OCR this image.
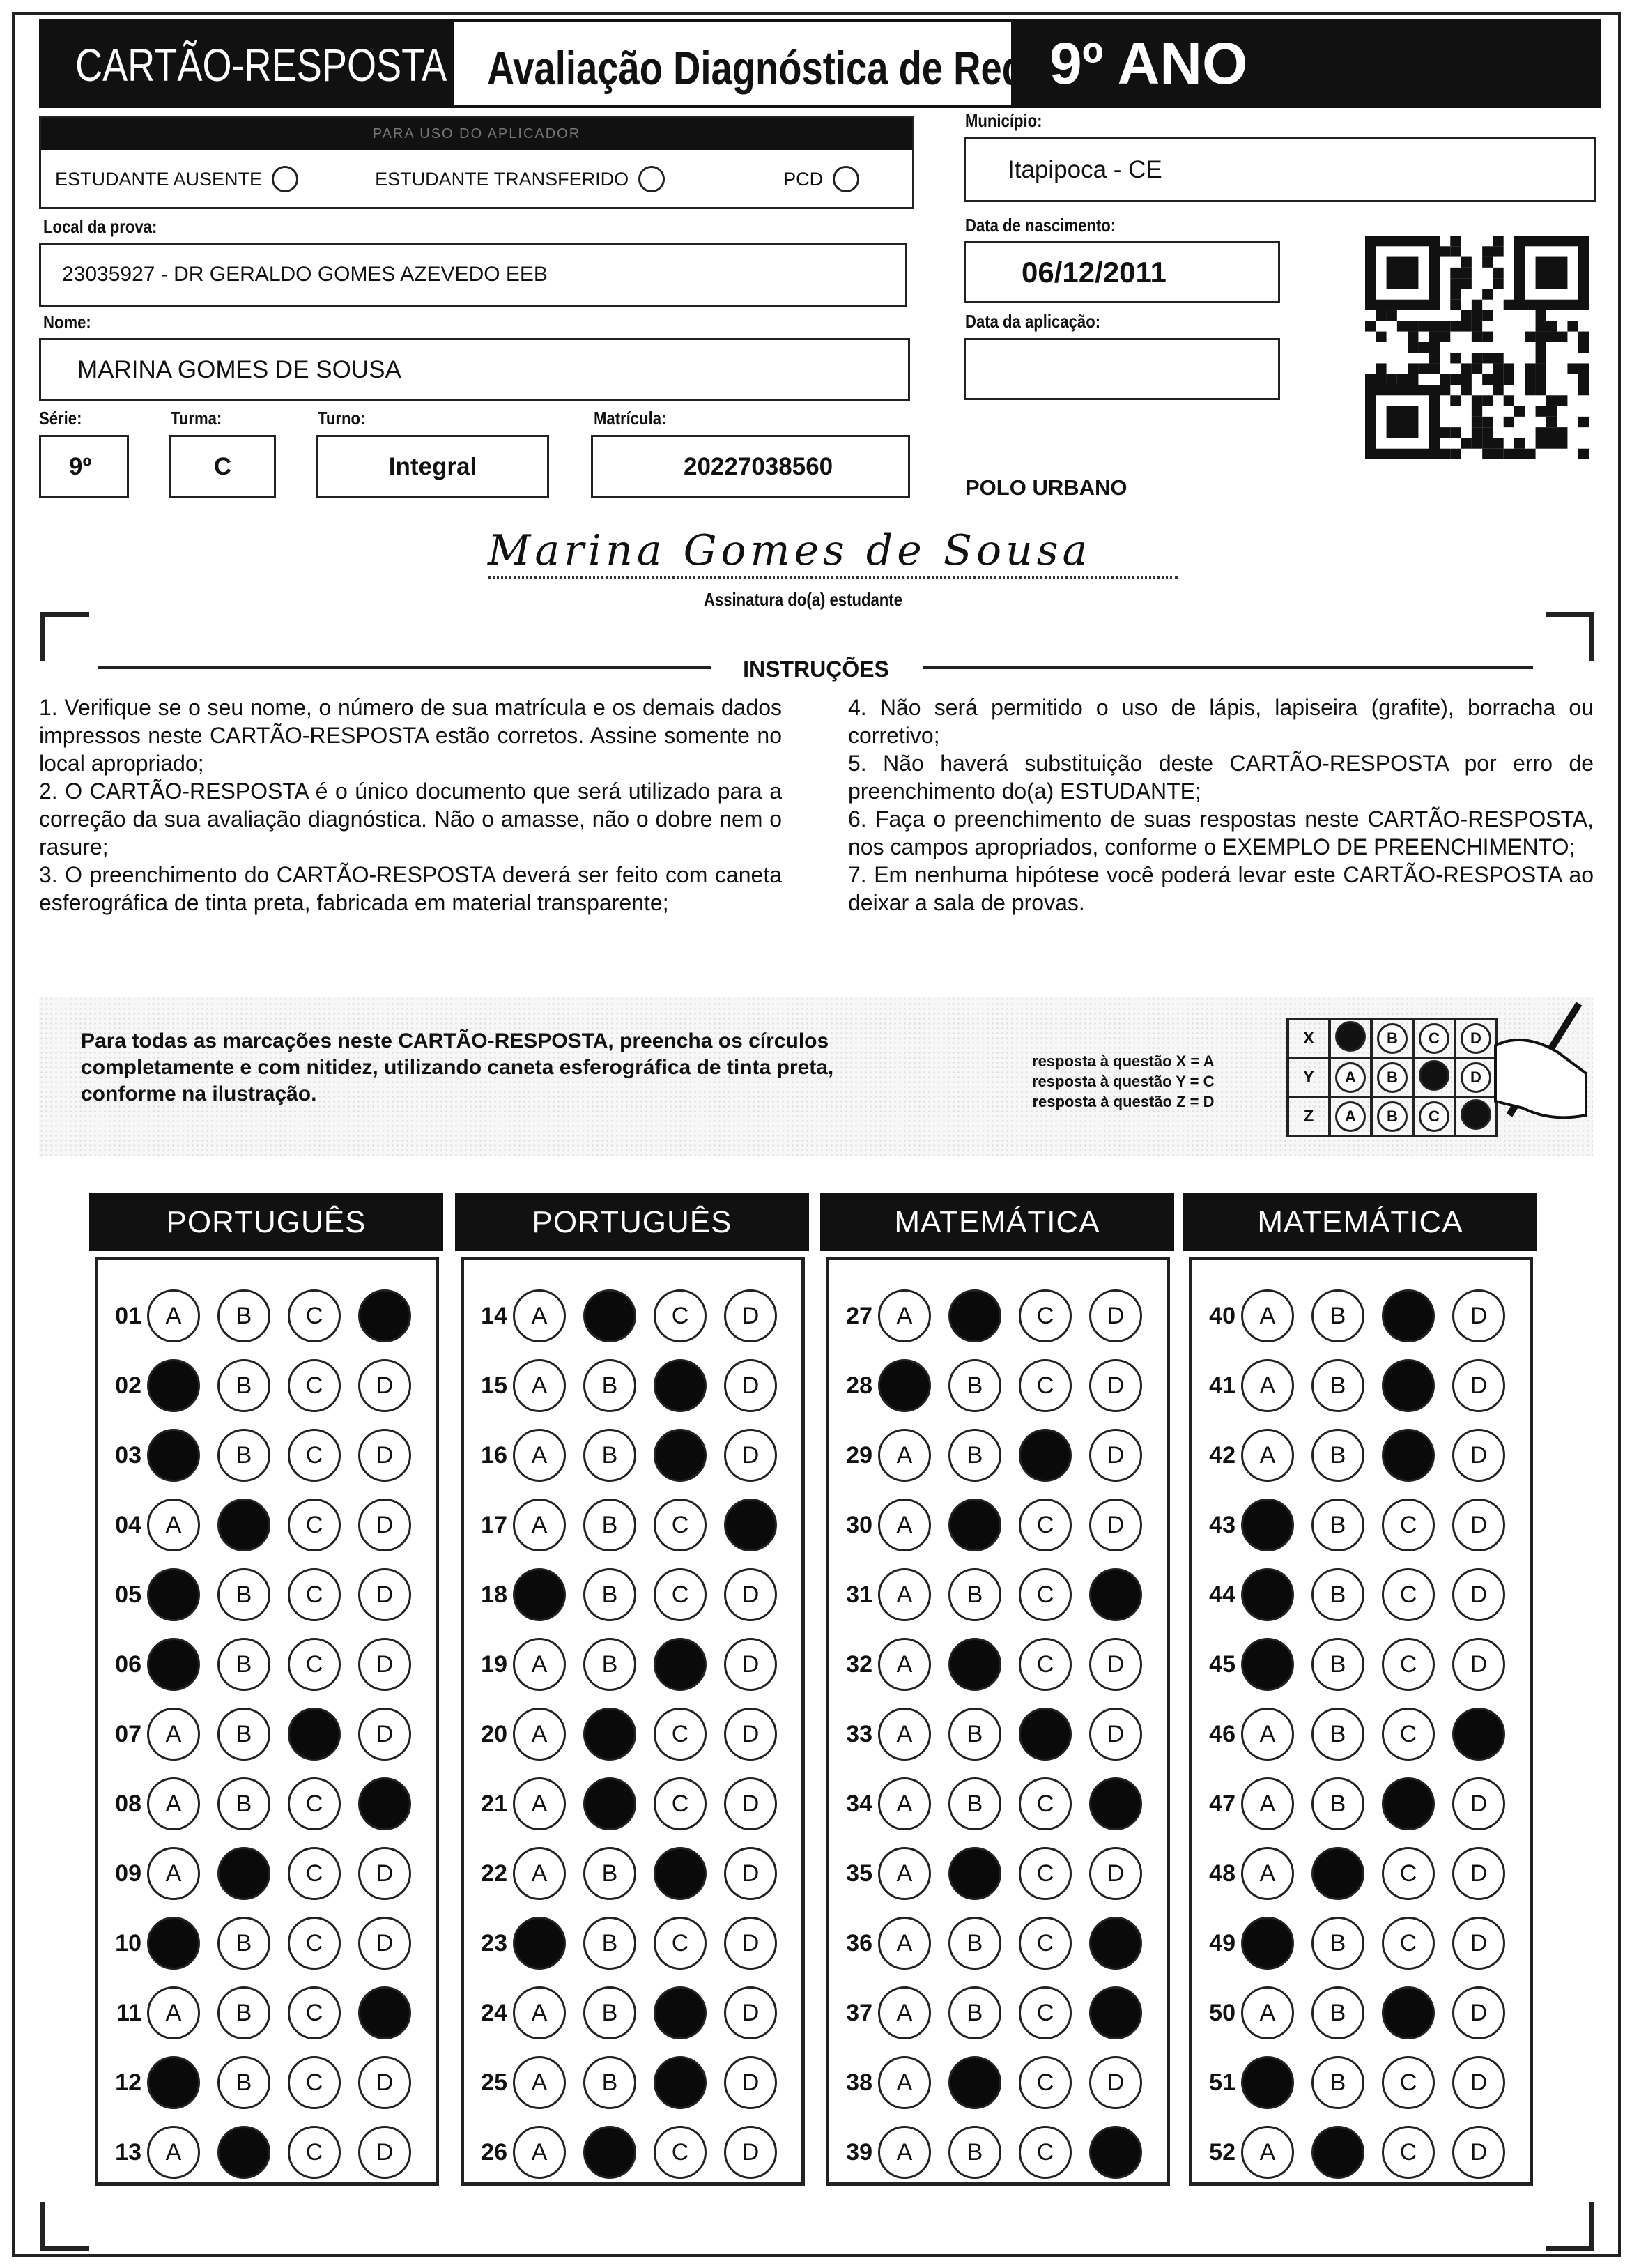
CARTÃO-RESPOSTA Avaliação Diagnóstica de Rede 9º ANO
PARA USO DO APLICADOR
ESTUDANTE AUSENTE	ESTUDANTE TRANSFERIDO	PCD
Município:
Itapipoca - CE
Local da prova:
23035927 - DR GERALDO GOMES AZEVEDO EEB
Data de nascimento:
06/12/2011
Nome:
MARINA GOMES DE SOUSA
Data da aplicação:
Série:
9º
Turma:
C
Turno:
Integral
Matrícula:
20227038560
POLO URBANO
Marina Gomes de Sousa
Assinatura do(a) estudante
INSTRUÇÕES

1. Verifique se o seu nome, o número de sua matrícula e os demais dados impressos neste CARTÃO-RESPOSTA estão corretos. Assine somente no local apropriado;

2. O CARTÃO-RESPOSTA é o único documento que será utilizado para a correção da sua avaliação diagnóstica. Não o amasse, não o dobre nem o rasure;

3. O preenchimento do CARTÃO-RESPOSTA deverá ser feito com caneta esferográfica de tinta preta, fabricada em material transparente;

4. Não será permitido o uso de lápis, lapiseira (grafite), borracha ou corretivo;

5. Não haverá substituição deste CARTÃO-RESPOSTA por erro de preenchimento do(a) ESTUDANTE;

6. Faça o preenchimento de suas respostas neste CARTÃO-RESPOSTA, nos campos apropriados, conforme o EXEMPLO DE PREENCHIMENTO;

7. Em nenhuma hipótese você poderá levar este CARTÃO-RESPOSTA ao deixar a sala de provas.

Para todas as marcações neste CARTÃO-RESPOSTA, preencha os círculos completamente e com nitidez, utilizando caneta esferográfica de tinta preta, conforme na ilustração.
resposta à questão X = A
resposta à questão Y = C
resposta à questão Z = D
X		B	C	D
Y	A	B		D
Z	A	B	C	
PORTUGUÊS
01	A	B	C	D
02	A	B	C	D
03	A	B	C	D
04	A	B	C	D
05	A	B	C	D
06	A	B	C	D
07	A	B	C	D
08	A	B	C	D
09	A	B	C	D
10	A	B	C	D
11	A	B	C	D
12	A	B	C	D
13	A	B	C	D
PORTUGUÊS
14	A	B	C	D
15	A	B	C	D
16	A	B	C	D
17	A	B	C	D
18	A	B	C	D
19	A	B	C	D
20	A	B	C	D
21	A	B	C	D
22	A	B	C	D
23	A	B	C	D
24	A	B	C	D
25	A	B	C	D
26	A	B	C	D
MATEMÁTICA
27	A	B	C	D
28	A	B	C	D
29	A	B	C	D
30	A	B	C	D
31	A	B	C	D
32	A	B	C	D
33	A	B	C	D
34	A	B	C	D
35	A	B	C	D
36	A	B	C	D
37	A	B	C	D
38	A	B	C	D
39	A	B	C	D
MATEMÁTICA
40	A	B	C	D
41	A	B	C	D
42	A	B	C	D
43	A	B	C	D
44	A	B	C	D
45	A	B	C	D
46	A	B	C	D
47	A	B	C	D
48	A	B	C	D
49	A	B	C	D
50	A	B	C	D
51	A	B	C	D
52	A	B	C	D
